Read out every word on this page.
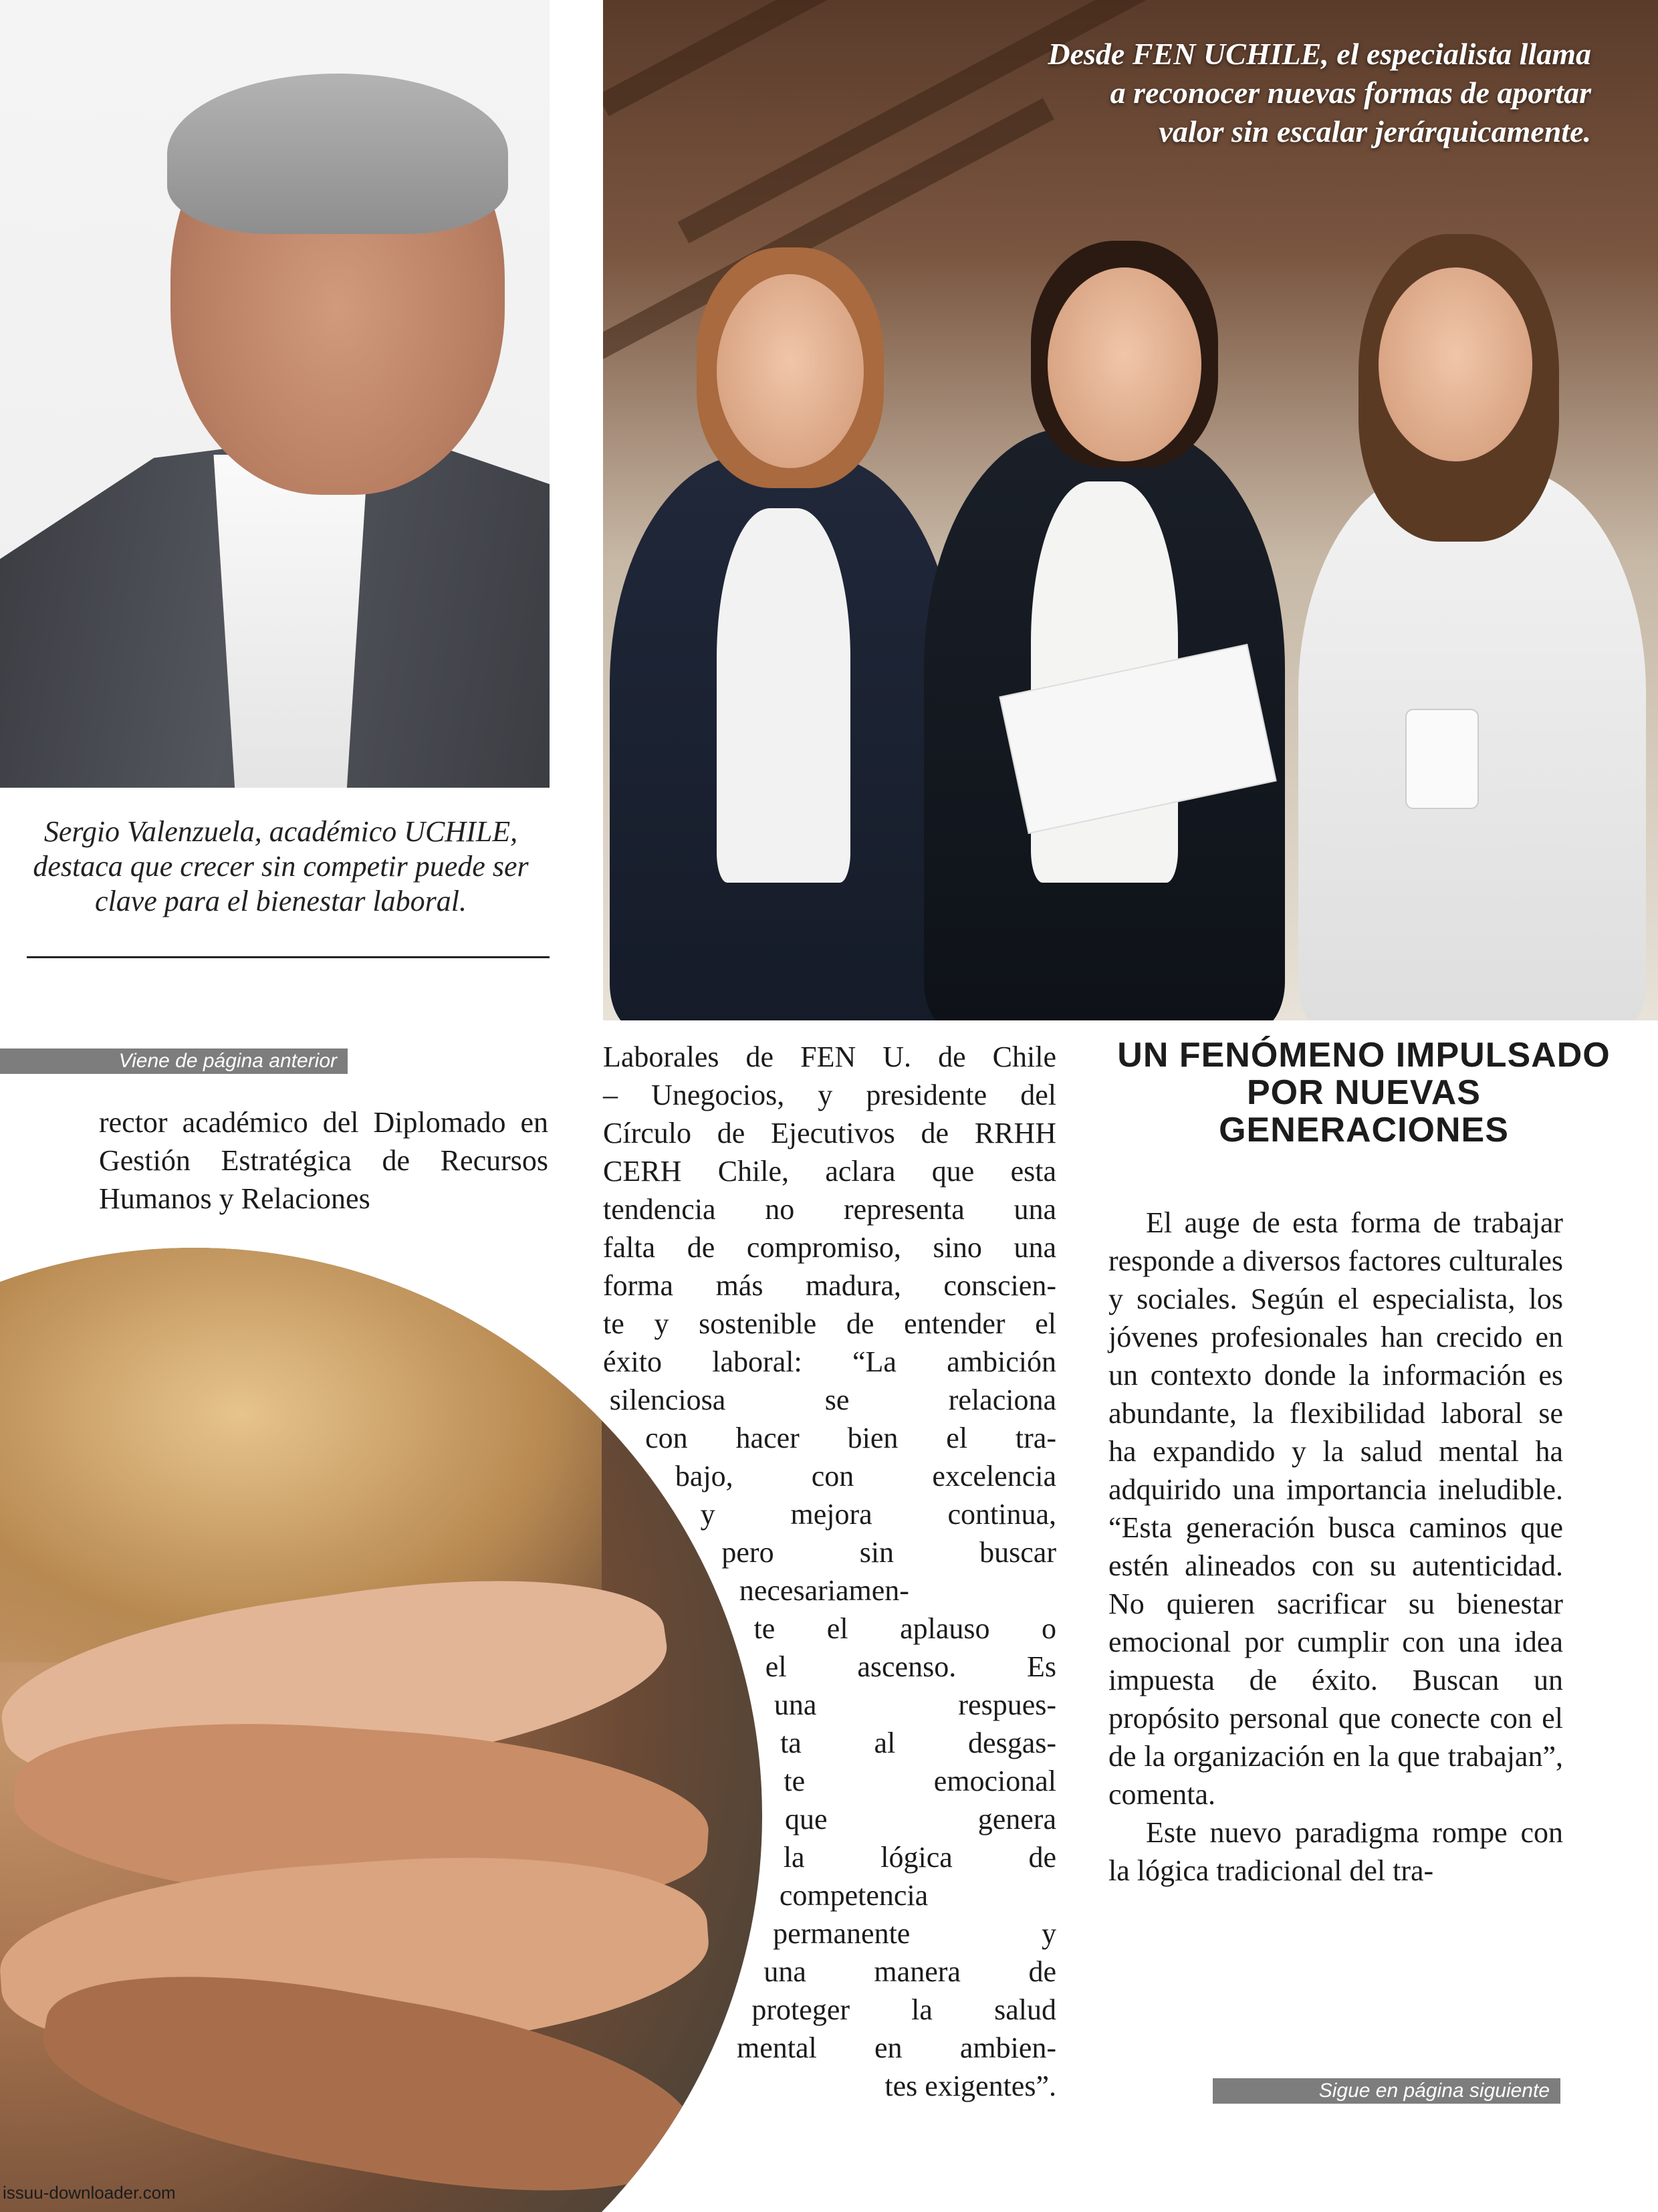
Desde FEN UCHILE, el especialista llama a reconocer nuevas formas de aportar valor sin escalar jerárquicamente.
Sergio Valenzuela, académico UCHILE, destaca que crecer sin competir puede ser clave para el bienestar laboral.
Viene de página anterior
Sigue en página siguiente

rector académico del Diplomado en Gestión Estratégica de Recursos Humanos y Relaciones

Laborales de FEN U. de Chile
– Unegocios, y presidente del
Círculo de Ejecutivos de RRHH
CERH Chile, aclara que esta
tendencia no representa una
falta de compromiso, sino una
forma más madura, conscien-
te y sostenible de entender el
éxito laboral: “La ambición
silenciosa se relaciona
con hacer bien el tra-
bajo, con excelencia
y mejora continua,
pero sin buscar
necesariamen-
te el aplauso o
el ascenso. Es
una respues-
ta al desgas-
te emocional
que genera
la lógica de
competencia
permanente y
una manera de
proteger la salud
mental en ambien-
tes exigentes”.
UN FENÓMENO IMPULSADO POR NUEVAS GENERACIONES

El auge de esta forma de trabajar responde a diversos factores culturales y sociales. Según el especialista, los jóvenes profesionales han crecido en un contexto donde la información es abundante, la flexibilidad laboral se ha expandido y la salud mental ha adquirido una importancia ineludible. “Esta generación busca caminos que estén alineados con su autenticidad. No quieren sacrificar su bienestar emocional por cumplir con una idea impuesta de éxito. Buscan un propósito personal que conecte con el de la organización en la que trabajan”, comenta.

Este nuevo paradigma rompe con la lógica tradicional del tra-

issuu-downloader.com
